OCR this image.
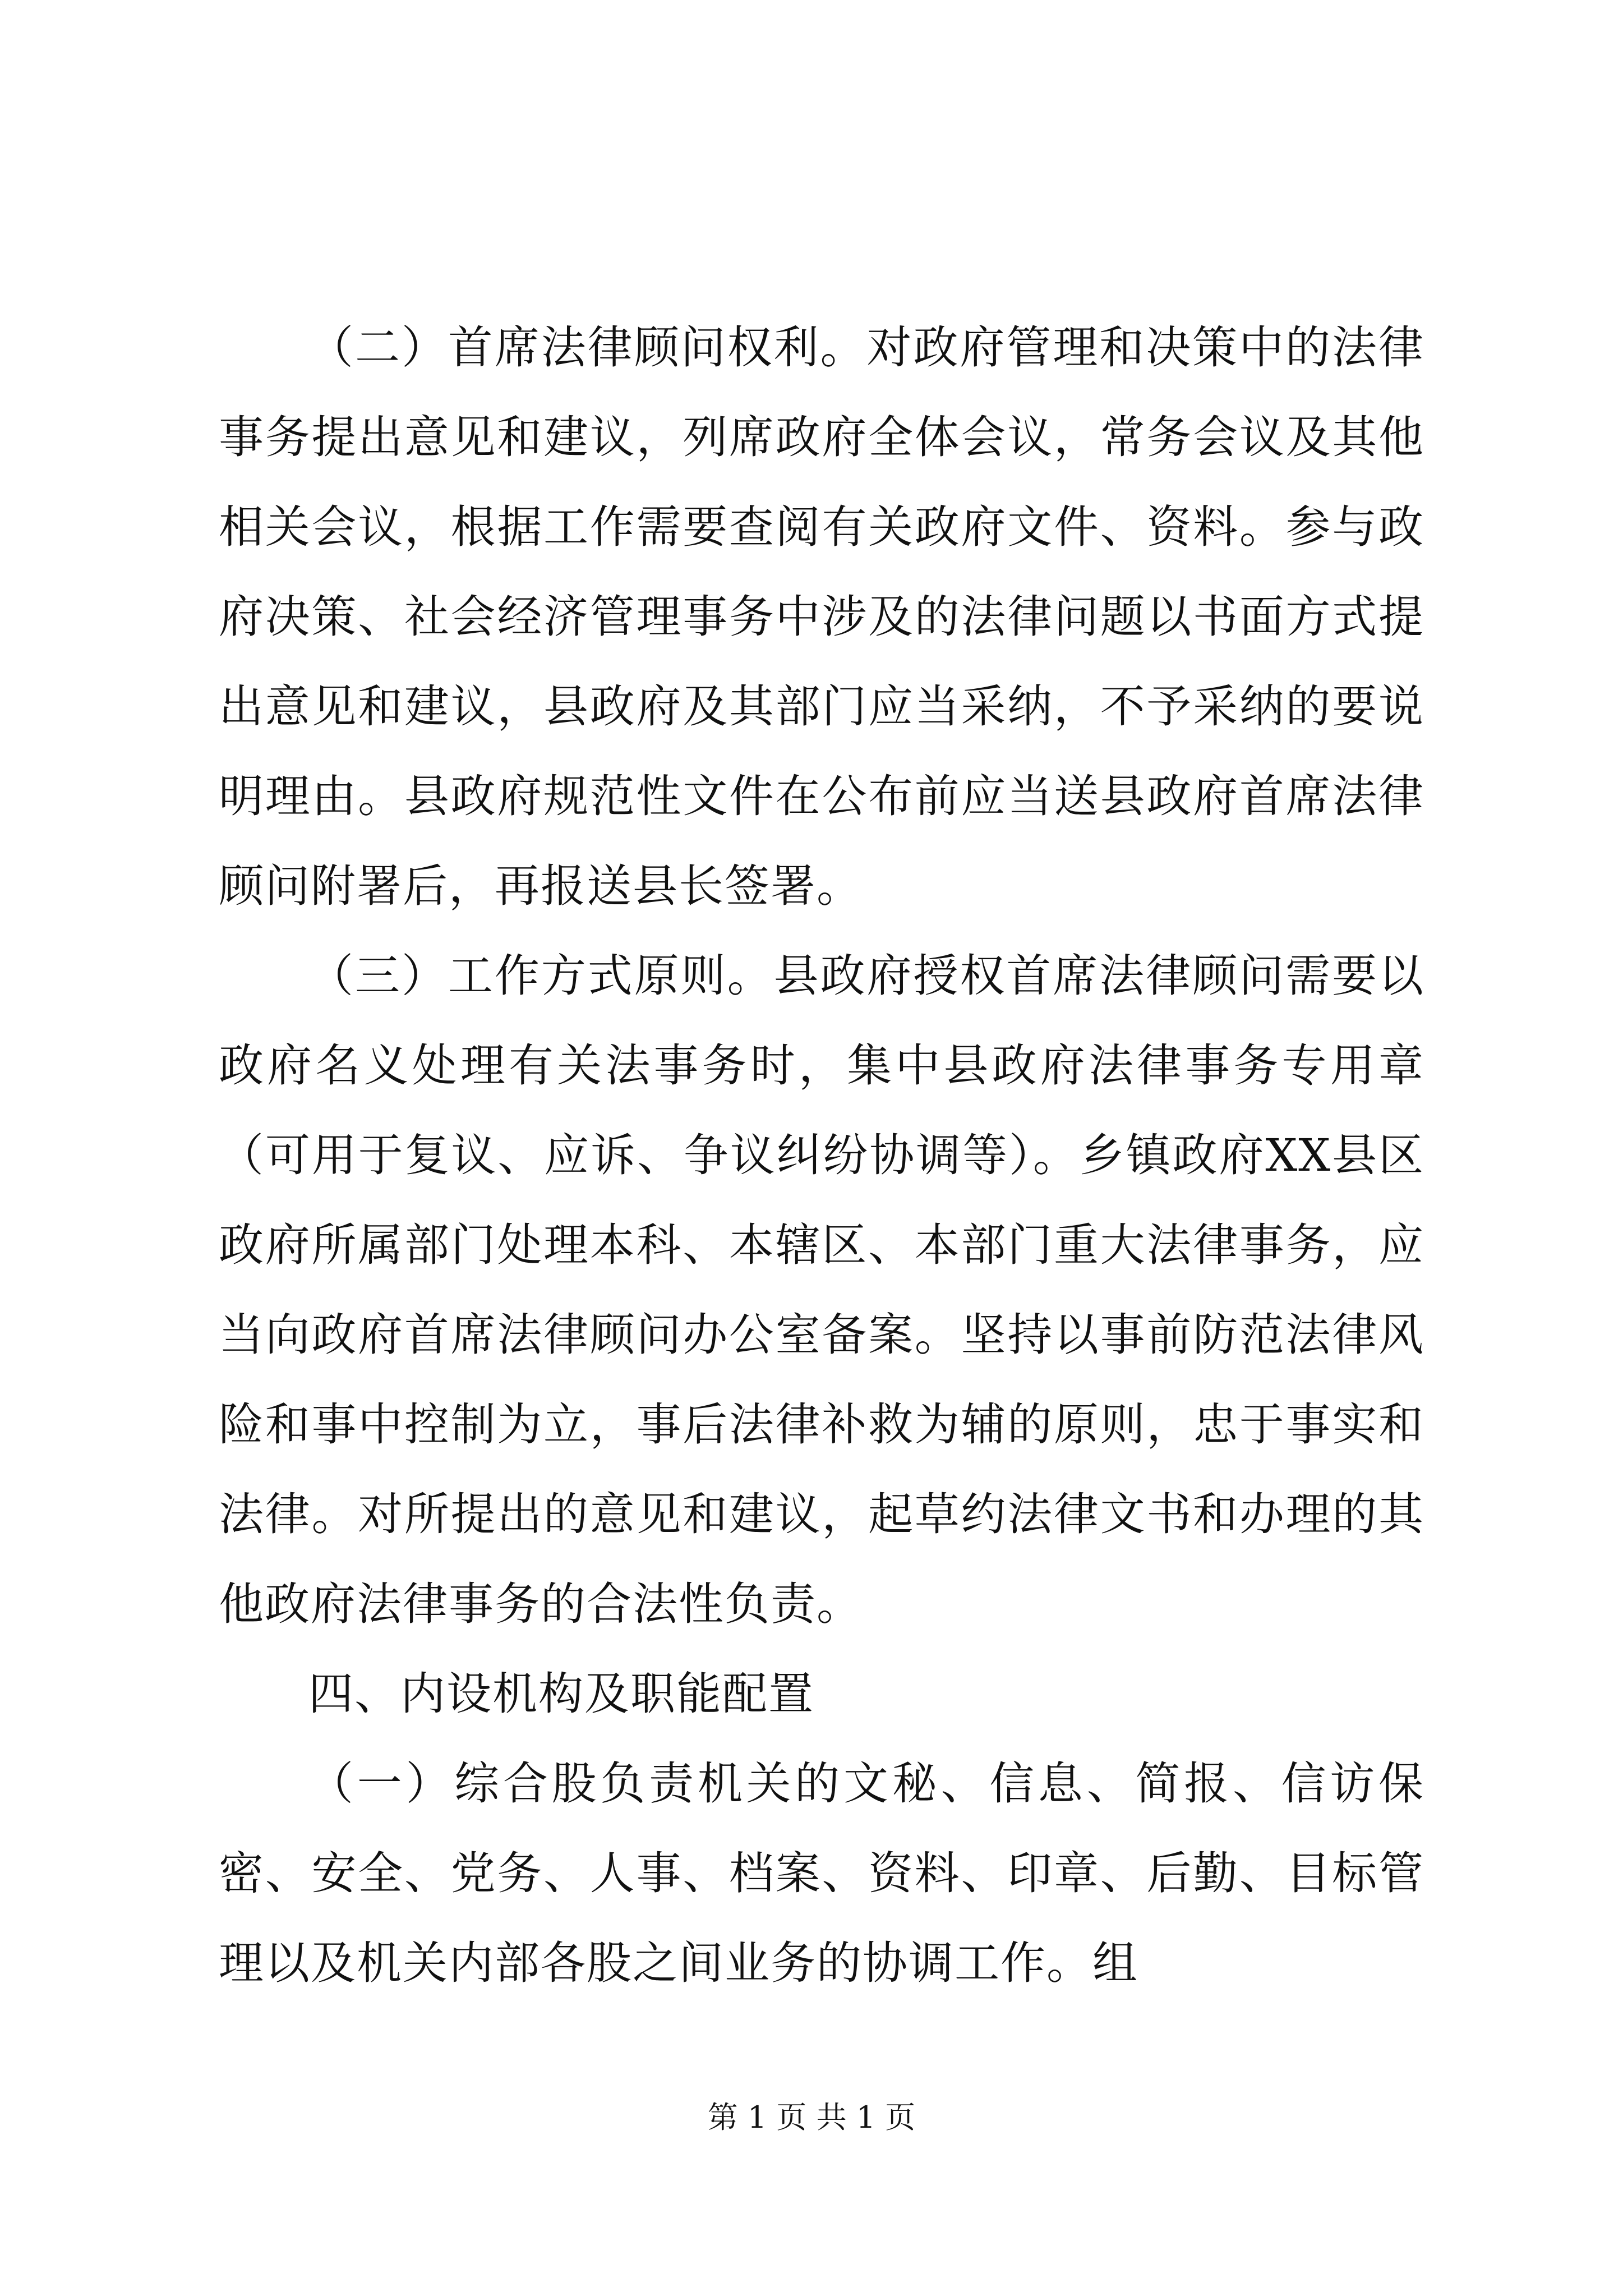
（二）首席法律顾问权利。对政府管理和决策中的法律事务提出意见和建议，列席政府全体会议，常务会议及其他相关会议，根据工作需要查阅有关政府文件、资料。参与政府决策、社会经济管理事务中涉及的法律问题以书面方式提出意见和建议，县政府及其部门应当采纳，不予采纳的要说明理由。县政府规范性文件在公布前应当送县政府首席法律顾问附署后，再报送县长签署。

（三）工作方式原则。县政府授权首席法律顾问需要以政府名义处理有关法事务时，集中县政府法律事务专用章（可用于复议、应诉、争议纠纷协调等）。乡镇政府XX县区政府所属部门处理本科、本辖区、本部门重大法律事务，应当向政府首席法律顾问办公室备案。坚持以事前防范法律风险和事中控制为立，事后法律补救为辅的原则，忠于事实和法律。对所提出的意见和建议，起草约法律文书和办理的其他政府法律事务的合法性负责。

四、内设机构及职能配置

（一）综合股负责机关的文秘、信息、简报、信访保密、安全、党务、人事、档案、资料、印章、后勤、目标管理以及机关内部各股之间业务的协调工作。组

第 1 页 共 1 页
